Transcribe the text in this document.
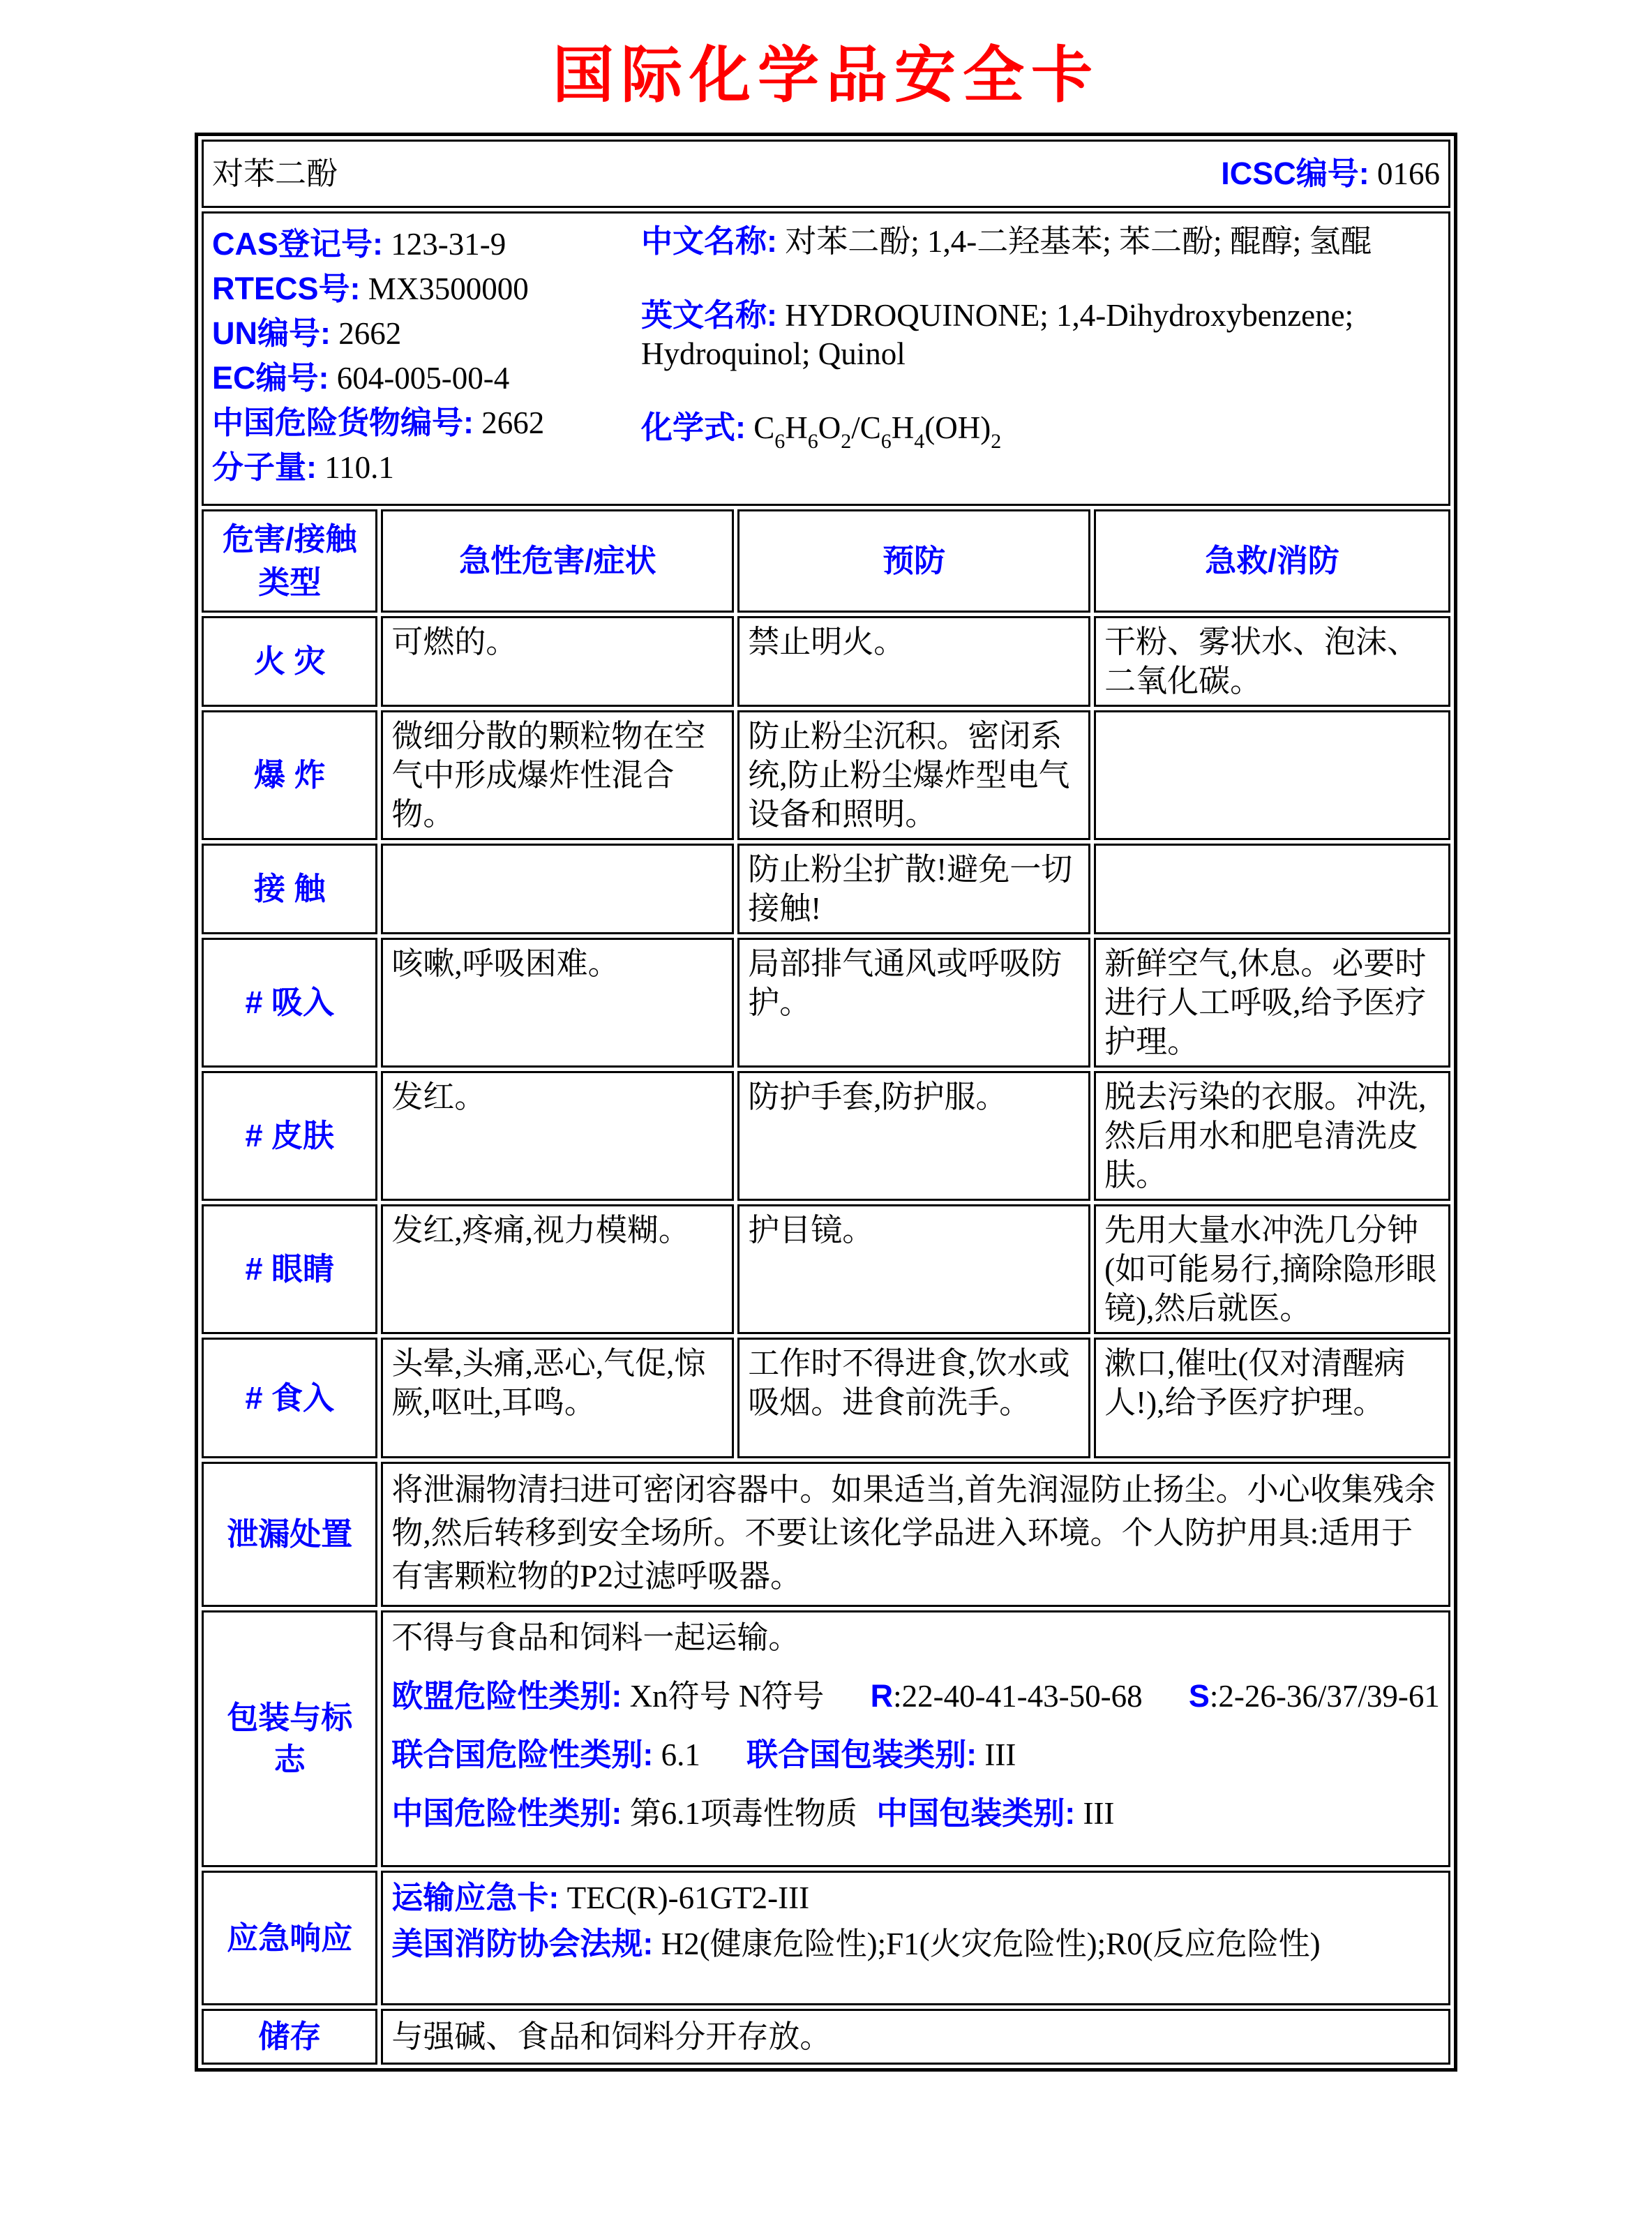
国际化学品安全卡
对苯二酚 ICSC编号: 0166			

CAS登记号: 123-31-9
RTECS号: MX3500000
UN编号: 2662
EC编号: 604-005-00-4
中国危险货物编号: 2662
分子量: 110.1
中文名称: 对苯二酚; 1,4-二羟基苯; 苯二酚; 醌醇; 氢醌
英文名称: HYDROQUINONE; 1,4-Dihydroxybenzene; Hydroquinol; Quinol
化学式: $C_6H_6O_2/C_6H_4(OH)_2$

危害/接触类型	急性危害/症状	预防	急救/消防
火 灾	可燃的。	禁止明火。	干粉、雾状水、泡沫、二氧化碳。
爆 炸	微细分散的颗粒物在空气中形成爆炸性混合物。	防止粉尘沉积。密闭系统,防止粉尘爆炸型电气设备和照明。	
接 触		防止粉尘扩散!避免一切接触!	
# 吸入	咳嗽,呼吸困难。	局部排气通风或呼吸防护。	新鲜空气,休息。必要时进行人工呼吸,给予医疗护理。
# 皮肤	发红。	防护手套,防护服。	脱去污染的衣服。冲洗,然后用水和肥皂清洗皮肤。
# 眼睛	发红,疼痛,视力模糊。	护目镜。	先用大量水冲洗几分钟(如可能易行,摘除隐形眼镜),然后就医。
# 食入	头晕,头痛,恶心,气促,惊厥,呕吐,耳鸣。	工作时不得进食,饮水或吸烟。进食前洗手。	漱口,催吐(仅对清醒病人!),给予医疗护理。
泄漏处置	将泄漏物清扫进可密闭容器中。如果适当,首先润湿防止扬尘。小心收集残余物,然后转移到安全场所。不要让该化学品进入环境。个人防护用具:适用于有害颗粒物的P2过滤呼吸器。		
包装与标志	不得与食品和饲料一起运输。

欧盟危险性类别: Xn符号 N符号 R:22-40-41-43-50-68 S:2-26-36/37/39-61

联合国危险性类别: 6.1 联合国包装类别: III

中国危险性类别: 第6.1项毒性物质 中国包装类别: III		

应急响应	运输应急卡: TEC(R)-61GT2-III

美国消防协会法规: H2(健康危险性);F1(火灾危险性);R0(反应危险性)		

储存	与强碱、食品和饲料分开存放。		
